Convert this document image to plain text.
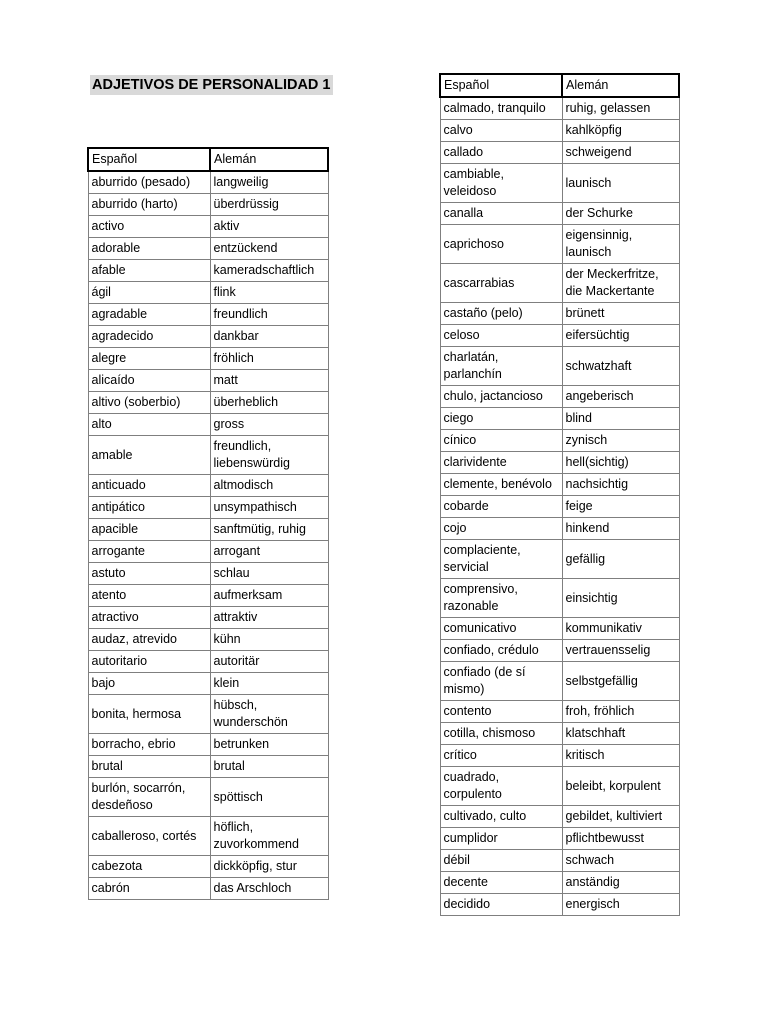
ADJETIVOS DE PERSONALIDAD 1
Español	Alemán
aburrido (pesado)	langweilig
aburrido (harto)	überdrüssig
activo	aktiv
adorable	entzückend
afable	kameradschaftlich
ágil	flink
agradable	freundlich
agradecido	dankbar
alegre	fröhlich
alicaído	matt
altivo (soberbio)	überheblich
alto	gross
amable	freundlich,
liebenswürdig
anticuado	altmodisch
antipático	unsympathisch
apacible	sanftmütig, ruhig
arrogante	arrogant
astuto	schlau
atento	aufmerksam
atractivo	attraktiv
audaz, atrevido	kühn
autoritario	autoritär
bajo	klein
bonita, hermosa	hübsch,
wunderschön
borracho, ebrio	betrunken
brutal	brutal
burlón, socarrón,
desdeñoso	spöttisch
caballeroso, cortés	höflich,
zuvorkommend
cabezota	dickköpfig, stur
cabrón	das Arschloch
Español	Alemán
calmado, tranquilo	ruhig, gelassen
calvo	kahlköpfig
callado	schweigend
cambiable, veleidoso	launisch
canalla	der Schurke
caprichoso	eigensinnig,
launisch
cascarrabias	der Meckerfritze,
die Mackertante
castaño (pelo)	brünett
celoso	eifersüchtig
charlatán,
parlanchín	schwatzhaft
chulo, jactancioso	angeberisch
ciego	blind
cínico	zynisch
clarividente	hell(sichtig)
clemente, benévolo	nachsichtig
cobarde	feige
cojo	hinkend
complaciente,
servicial	gefällig
comprensivo,
razonable	einsichtig
comunicativo	kommunikativ
confiado, crédulo	vertrauensselig
confiado (de sí
mismo)	selbstgefällig
contento	froh, fröhlich
cotilla, chismoso	klatschhaft
crítico	kritisch
cuadrado,
corpulento	beleibt, korpulent
cultivado, culto	gebildet, kultiviert
cumplidor	pflichtbewusst
débil	schwach
decente	anständig
decidido	energisch
